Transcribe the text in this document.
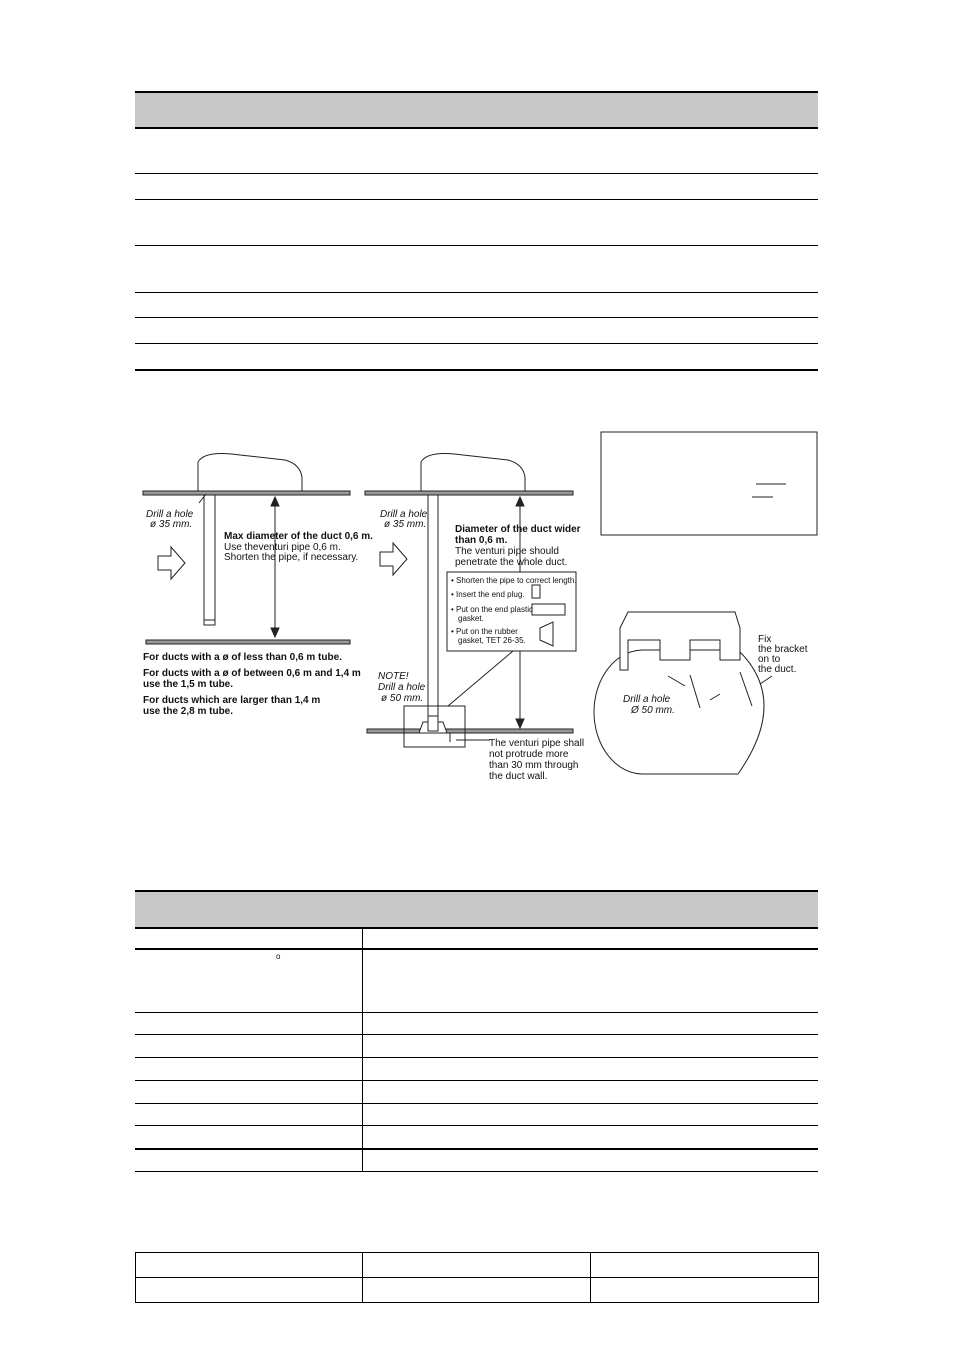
Drill a hole
ø 35 mm.
Max diameter of the duct 0,6 m.
Use theventuri pipe 0,6 m.
Shorten the pipe, if necessary.
For ducts with a ø of less than 0,6 m tube.
For ducts with a ø of between 0,6 m and 1,4 m
use the 1,5 m tube.
For ducts which are larger than 1,4 m
use the 2,8 m tube.
Drill a hole
ø 35 mm.	Diameter of the duct wider
than 0,6 m.
The venturi pipe should
penetrate the whole duct.
• Shorten the pipe to correct length.
• Insert the end plug.
• Put on the end plastic
gasket.
• Put on the rubber
gasket, TET 26-35.
NOTE!
Drill a hole
ø 50 mm.
The venturi pipe shall
not protrude more
than 30 mm through
the duct wall.
Fix
the bracket
on to
the duct.
Drill a hole
Ø 50 mm.
o
